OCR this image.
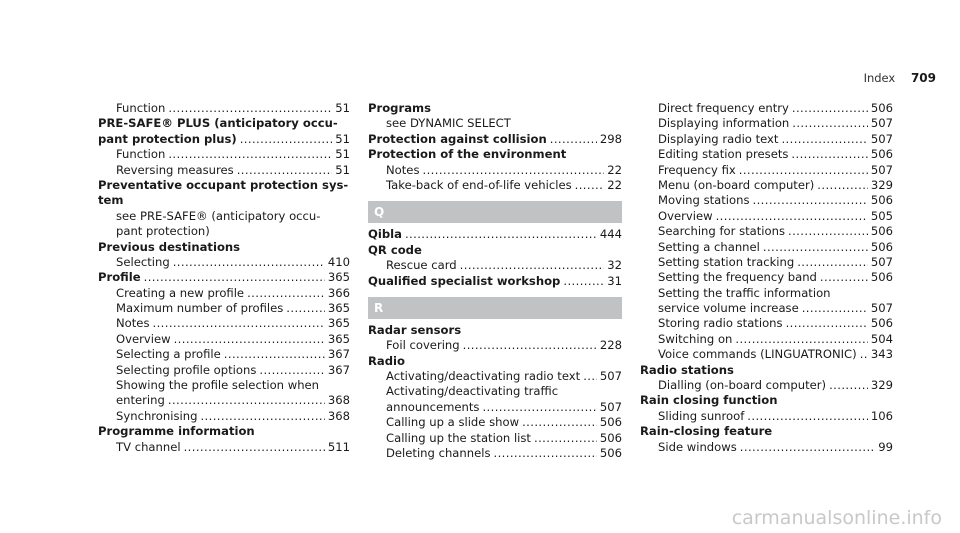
Index 709
Function .....	51
PRE-SAFE® PLUS (anticipatory occu-
pant protection plus) .....	51
Function .....	51
Reversing measures .....	51
Preventative occupant protection sys-
tem
see PRE-SAFE® (anticipatory occu-
pant protection)
Previous destinations
Selecting .....	410
Profile .....	365
Creating a new profile .....	366
Maximum number of profiles .....	365
Notes .....	365
Overview .....	365
Selecting a profile .....	367
Selecting profile options .....	367
Showing the profile selection when
entering .....	368
Synchronising .....	368
Programme information
TV channel .....	511
Programs
see DYNAMIC SELECT
Protection against collision .....	298
Protection of the environment
Notes .....	22
Take-back of end-of-life vehicles .....	22
Q
Qibla .....	444
QR code
Rescue card .....	32
Qualified specialist workshop .....	31
R
Radar sensors
Foil covering .....	228
Radio
Activating/deactivating radio text ..... 507
Activating/deactivating traffic
announcements .....	507
Calling up a slide show .....	506
Calling up the station list .....	506
Deleting channels .....	506
Direct frequency entry .....	506
Displaying information .....	507
Displaying radio text .....	507
Editing station presets .....	506
Frequency fix .....	507
Menu (on-board computer) .....	329
Moving stations .....	506
Overview .....	505
Searching for stations .....	506
Setting a channel .....	506
Setting station tracking .....	507
Setting the frequency band .....	506
Setting the traffic information
service volume increase .....	507
Storing radio stations .....	506
Switching on .....	504
Voice commands (LINGUATRONIC) ..... 343
Radio stations
Dialling (on-board computer) .....	329
Rain closing function
Sliding sunroof .....	106
Rain-closing feature
Side windows .....	99
carmanualsonline.info
